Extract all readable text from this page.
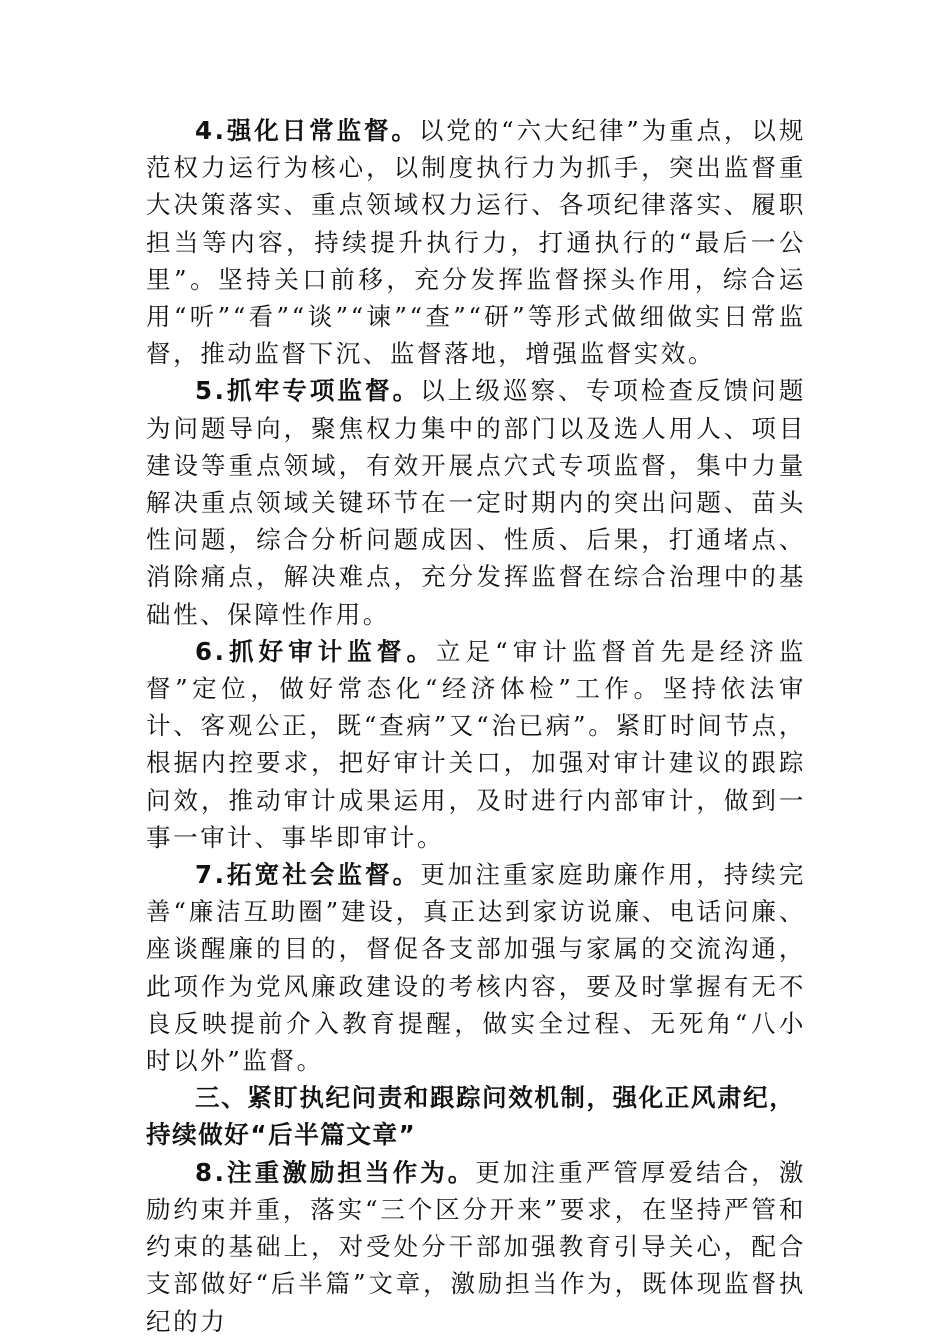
4.强化日常监督。以党的“六大纪律”为重点，以规范权力运行为核心，以制度执行力为抓手，突出监督重大决策落实、重点领域权力运行、各项纪律落实、履职担当等内容，持续提升执行力，打通执行的“最后一公里”。坚持关口前移，充分发挥监督探头作用，综合运用“听”“看”“谈”“谏”“查”“研”等形式做细做实日常监督，推动监督下沉、监督落地，增强监督实效。

5.抓牢专项监督。以上级巡察、专项检查反馈问题为问题导向，聚焦权力集中的部门以及选人用人、项目建设等重点领域，有效开展点穴式专项监督，集中力量解决重点领域关键环节在一定时期内的突出问题、苗头性问题，综合分析问题成因、性质、后果，打通堵点、消除痛点，解决难点，充分发挥监督在综合治理中的基础性、保障性作用。

6.抓好审计监督。立足“审计监督首先是经济监督”定位，做好常态化“经济体检”工作。坚持依法审计、客观公正，既“查病”又“治已病”。紧盯时间节点，根据内控要求，把好审计关口，加强对审计建议的跟踪问效，推动审计成果运用，及时进行内部审计，做到一事一审计、事毕即审计。

7.拓宽社会监督。更加注重家庭助廉作用，持续完善“廉洁互助圈”建设，真正达到家访说廉、电话问廉、座谈醒廉的目的，督促各支部加强与家属的交流沟通，此项作为党风廉政建设的考核内容，要及时掌握有无不良反映提前介入教育提醒，做实全过程、无死角“八小时以外”监督。

三、紧盯执纪问责和跟踪问效机制，强化正风肃纪，持续做好“后半篇文章”

8.注重激励担当作为。更加注重严管厚爱结合，激励约束并重，落实“三个区分开来”要求，在坚持严管和约束的基础上，对受处分干部加强教育引导关心，配合支部做好“后半篇”文章，激励担当作为，既体现监督执纪的力
